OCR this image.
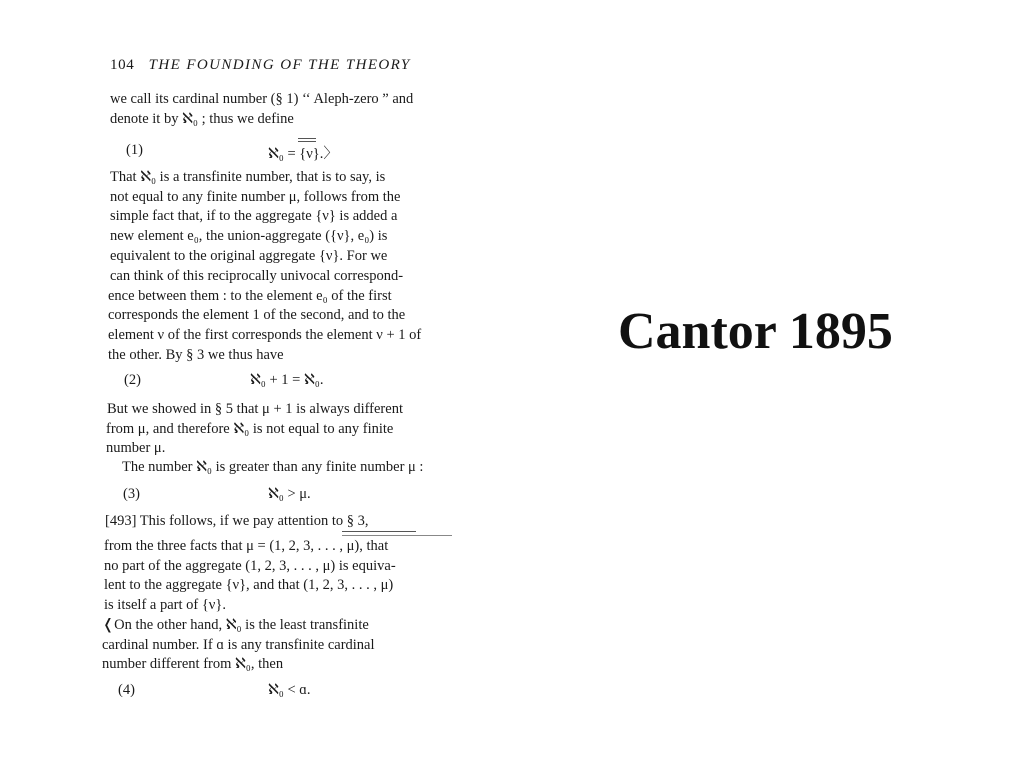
104 THE FOUNDING OF THE THEORY
we call its cardinal number (§ 1) ‘‘ Aleph-zero ” and
denote it by ℵ₀ ; thus we define
(1)	ℵ₀ = {ν}.〉
That ℵ₀ is a transfinite number, that is to say, is
not equal to any finite number μ, follows from the
simple fact that, if to the aggregate {ν} is added a
new element e₀, the union-aggregate ({ν}, e₀) is
equivalent to the original aggregate {ν}. For we
can think of this reciprocally univocal correspond-
ence between them : to the element e₀ of the first
corresponds the element 1 of the second, and to the
element ν of the first corresponds the element ν + 1 of
the other. By § 3 we thus have
(2)	ℵ₀ + 1 = ℵ₀.
But we showed in § 5 that μ + 1 is always different
from μ, and therefore ℵ₀ is not equal to any finite
number μ.
The number ℵ₀ is greater than any finite number μ :
(3)	ℵ₀ > μ.
[493] This follows, if we pay attention to § 3,
from the three facts that μ = (1, 2, 3, . . . , μ), that
no part of the aggregate (1, 2, 3, . . . , μ) is equiva-
lent to the aggregate {ν}, and that (1, 2, 3, . . . , μ)
is itself a part of {ν}.
❬On the other hand, ℵ₀ is the least transfinite
cardinal number. If ɑ is any transfinite cardinal
number different from ℵ₀, then
(4)	ℵ₀ < ɑ.
Cantor 1895
